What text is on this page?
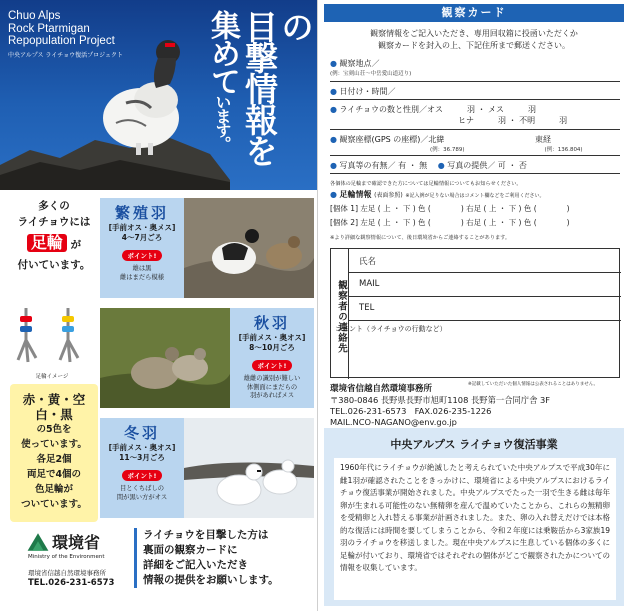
Chuo Alps
Rock Ptarmigan
Repopulation Project
中央アルプス ライチョウ復活プロジェクト
の
目撃情報を
集めています。
多くの
ライチョウには
足輪 が
付いています。
足輪イメージ
赤・黄・空
白・黒
の5色を
使っています。
各足2個
両足で4個の
色足輪が
ついています。
繁殖羽
[手前オス・奥メス]
4〜7月ごろ
ポイント!
雄は黒
雌はまだら模様
秋羽
[手前メス・奥オス]
8〜10月ごろ
ポイント!
雄雌の識別が難しい
体側面にまだらの
羽があればメス
冬羽
[手前メス・奥オス]
11〜3月ごろ
ポイント!
目とくちばしの
間が黒い方がオス
環境省
Ministry of the Environment
環境省信越自然環境事務所
TEL.026-231-6573
ライチョウを目撃した方は
裏面の観察カードに
詳細をご記入いただき
情報の提供をお願いします。
観察カード
観察情報をご記入いただき、専用回収箱に投函いただくか
観察カードを封入の上、下記住所まで郵送ください。
● 観察地点／
(例：宝剣山荘〜中岳愛山道辺り)
● 日付け・時間／
● ライチョウの数と性別／オス　　　羽 ・ メス　　　羽
ヒナ　　　羽 ・ 不明　　　羽
● 観察座標(GPS の座標)／北緯	東経
(例：36.789)	(例：136.804)
● 写真等の有無／ 有 ・ 無 ● 写真の提供／ 可 ・ 否
各個体の足輪まで確認できた方については足輪情報についてもお知らせください。
● 足輪情報 (表面参照) ※記入例が足りない場合はコメント欄などをご利用ください。
[個体 1] 左足 ( 上 ・ 下 ) 色 (　　　　) 右足 ( 上 ・ 下 ) 色 (　　　　)
[個体 2] 左足 ( 上 ・ 下 ) 色 (　　　　) 右足 ( 上 ・ 下 ) 色 (　　　　)
※より詳細な観察情報について、後日環境省からご連絡することがあります。
観察者の連絡先
氏名
MAIL
TEL
コメント（ライチョウの行動など）
※記載していただいた個人情報は公表されることはありません。
環境省信越自然環境事務所
〒380-0846 長野県長野市旭町1108 長野第一合同庁舎 3F
TEL.026-231-6573　FAX.026-235-1226
MAIL.NCO-NAGANO@env.go.jp
中央アルプス ライチョウ復活事業
1960年代にライチョウが絶滅したと考えられていた中央アルプスで平成30年に雌1羽が確認されたことをきっかけに、環境省による中央アルプスにおけるライチョウ復活事業が開始されました。中央アルプスでたった一羽で生きる雌は毎年卵が生まれる可能性のない無精卵を産んで温めていたことから、これらの無精卵を受精卵と入れ替える事業が計画されました。また、卵の入れ替えだけでは本格的な復活には時間を要してしまうことから、令和２年度には乗鞍岳から3家族19羽のライチョウを移送しました。現在中央アルプスに生息している個体の多くに足輪が付いており、環境省ではそれぞれの個体がどこで観察されたかについての情報を収集しています。
